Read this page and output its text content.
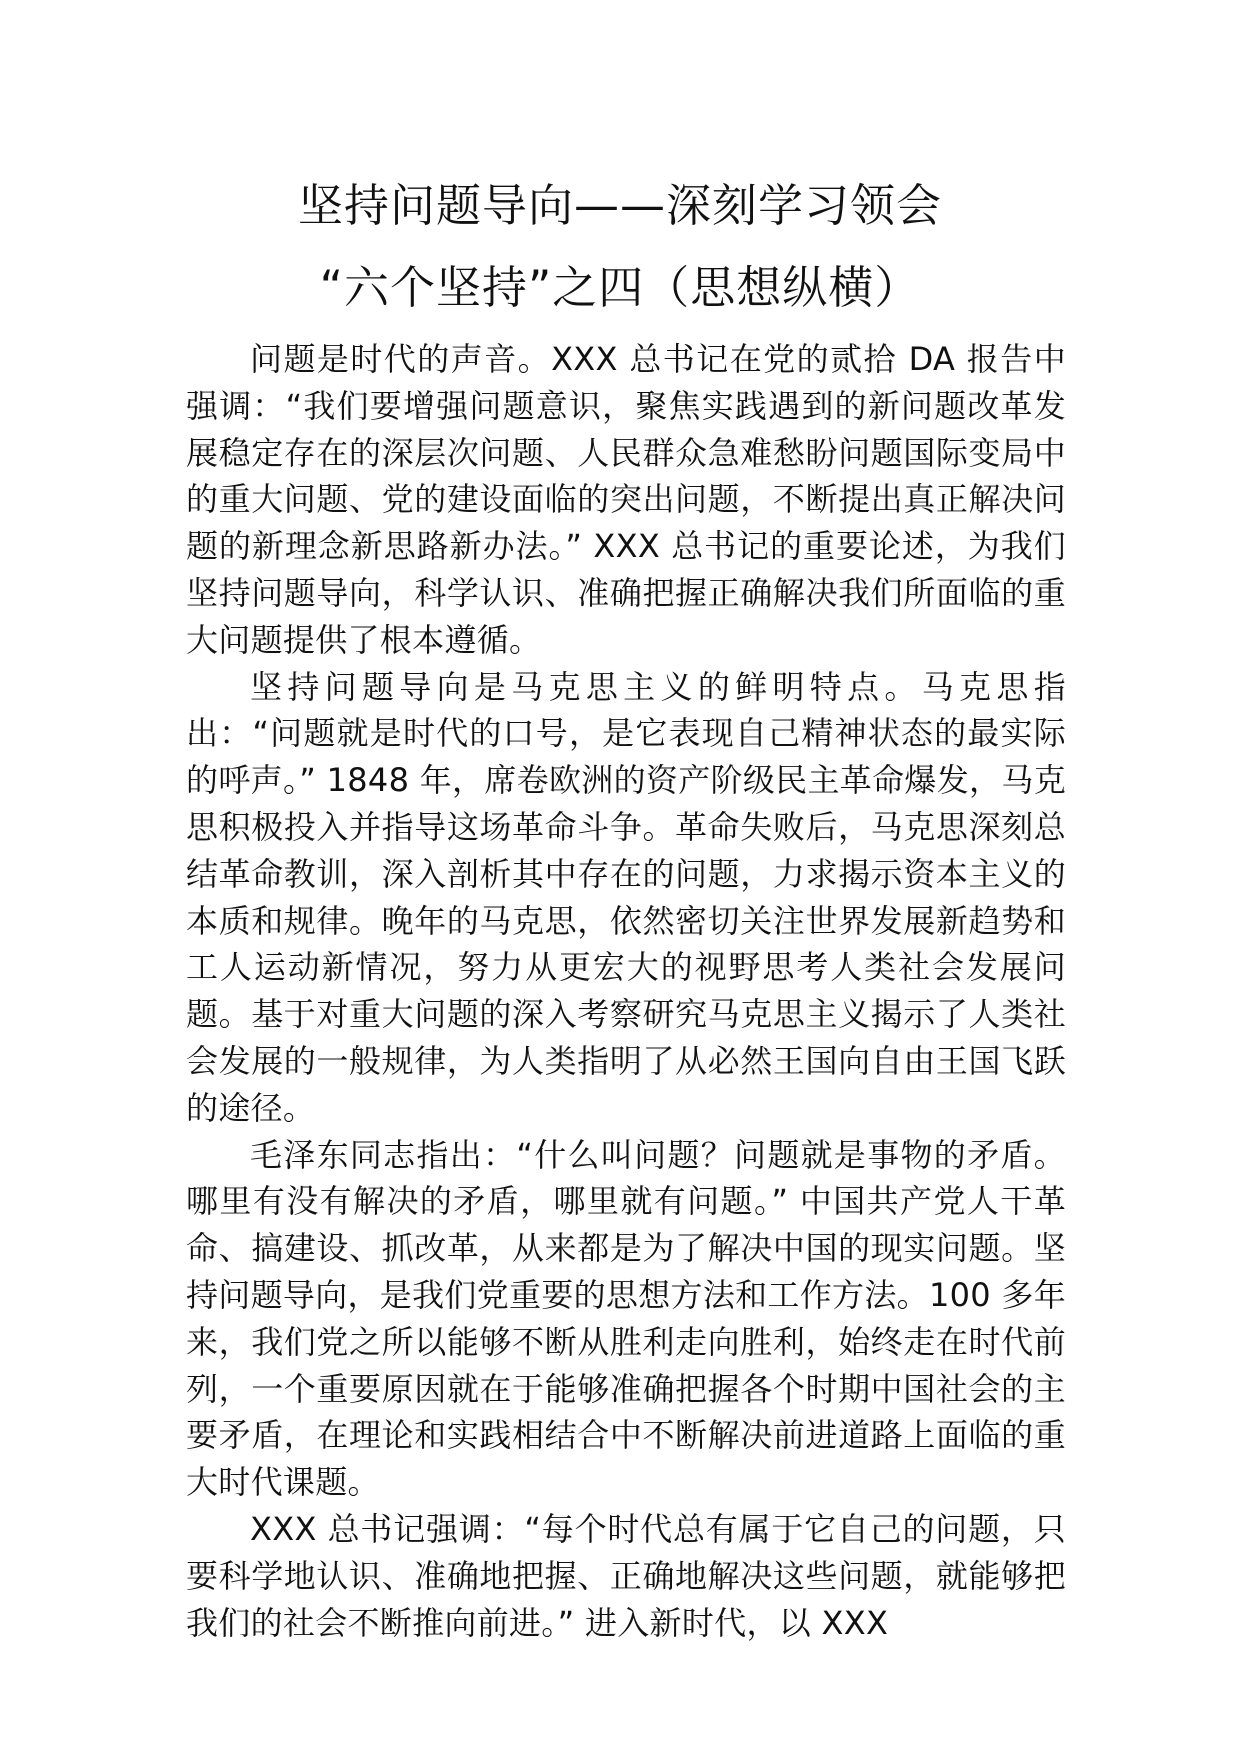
坚持问题导向——深刻学习领会
“六个坚持”之四（思想纵横）

问题是时代的声音。XXX 总书记在党的贰拾 DA 报告中强调：“我们要增强问题意识，聚焦实践遇到的新问题改革发展稳定存在的深层次问题、人民群众急难愁盼问题国际变局中的重大问题、党的建设面临的突出问题，不断提出真正解决问题的新理念新思路新办法。” XXX 总书记的重要论述，为我们坚持问题导向，科学认识、准确把握正确解决我们所面临的重大问题提供了根本遵循。

坚持问题导向是马克思主义的鲜明特点。马克思指出：“问题就是时代的口号，是它表现自己精神状态的最实际的呼声。” 1848 年，席卷欧洲的资产阶级民主革命爆发，马克思积极投入并指导这场革命斗争。革命失败后，马克思深刻总结革命教训，深入剖析其中存在的问题，力求揭示资本主义的本质和规律。晚年的马克思，依然密切关注世界发展新趋势和工人运动新情况，努力从更宏大的视野思考人类社会发展问题。基于对重大问题的深入考察研究马克思主义揭示了人类社会发展的一般规律，为人类指明了从必然王国向自由王国飞跃的途径。

毛泽东同志指出：“什么叫问题？问题就是事物的矛盾。哪里有没有解决的矛盾，哪里就有问题。” 中国共产党人干革命、搞建设、抓改革，从来都是为了解决中国的现实问题。坚持问题导向，是我们党重要的思想方法和工作方法。100 多年来，我们党之所以能够不断从胜利走向胜利，始终走在时代前列，一个重要原因就在于能够准确把握各个时期中国社会的主要矛盾，在理论和实践相结合中不断解决前进道路上面临的重大时代课题。

XXX 总书记强调：“每个时代总有属于它自己的问题，只要科学地认识、准确地把握、正确地解决这些问题，就能够把我们的社会不断推向前进。” 进入新时代，以 XXX
